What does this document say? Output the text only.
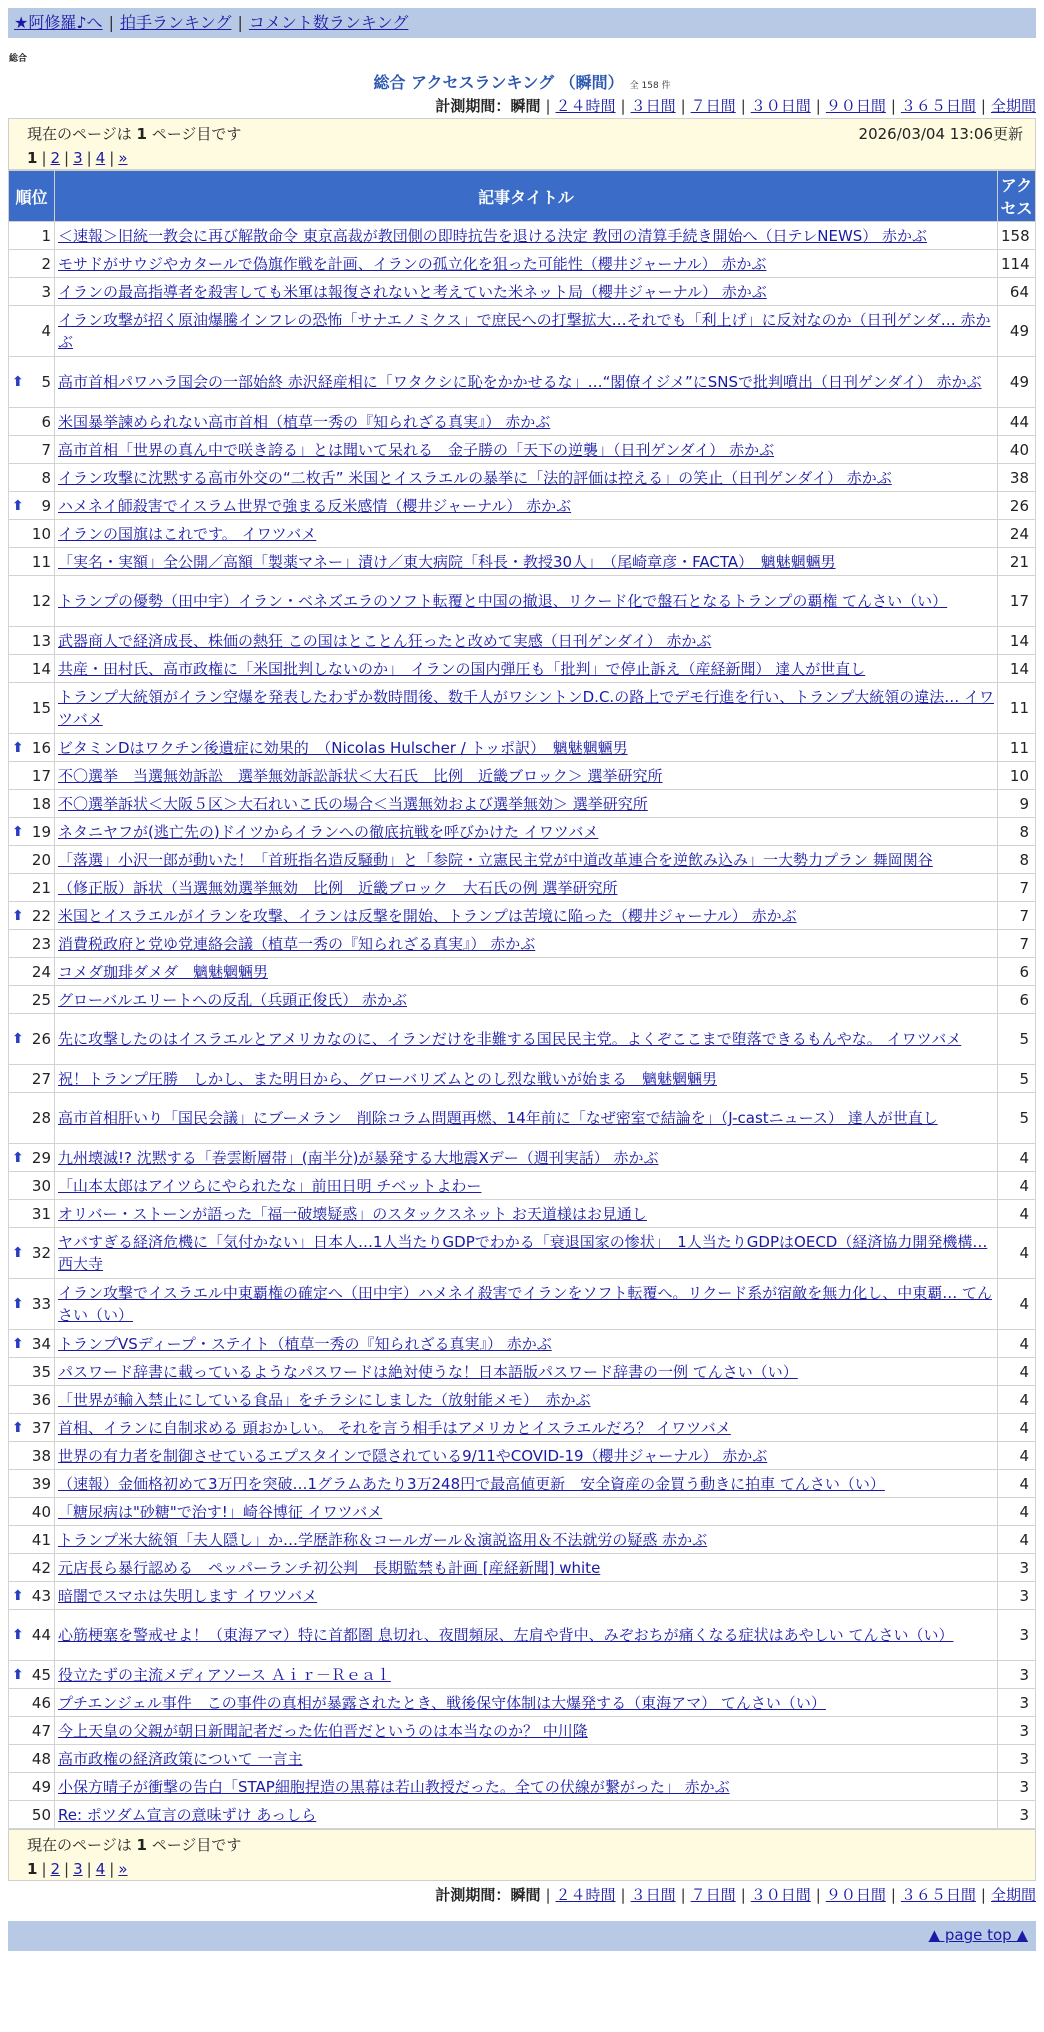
★阿修羅♪へ | 拍手ランキング | コメント数ランキング
総合
総合 アクセスランキング （瞬間） 全 158 件
計測期間：瞬間 | ２４時間 | ３日間 | ７日間 | ３０日間 | ９０日間 | ３６５日間 | 全期間
現在のページは 1 ページ目です	2026/03/04 13:06更新
1 | 2 | 3 | 4 | »
順位	記事タイトル	アクセス
1	＜速報＞旧統一教会に再び解散命令 東京高裁が教団側の即時抗告を退ける決定 教団の清算手続き開始へ（日テレNEWS） 赤かぶ	158
2	モサドがサウジやカタールで偽旗作戦を計画、イランの孤立化を狙った可能性（櫻井ジャーナル） 赤かぶ	114
3	イランの最高指導者を殺害しても米軍は報復されないと考えていた米ネット局（櫻井ジャーナル） 赤かぶ	64
4	イラン攻撃が招く原油爆騰インフレの恐怖「サナエノミクス」で庶民への打撃拡大…それでも「利上げ」に反対なのか（日刊ゲンダ… 赤かぶ	49

⬆ 5	高市首相パワハラ国会の一部始終 赤沢経産相に「ワタクシに恥をかかせるな」…“閣僚イジメ”にSNSで批判噴出（日刊ゲンダイ） 赤かぶ	49
6	米国暴挙諫められない高市首相（植草一秀の『知られざる真実』） 赤かぶ	44
7	高市首相「世界の真ん中で咲き誇る」とは聞いて呆れる　金子勝の「天下の逆襲」（日刊ゲンダイ） 赤かぶ	40
8	イラン攻撃に沈黙する高市外交の“二枚舌” 米国とイスラエルの暴挙に「法的評価は控える」の笑止（日刊ゲンダイ） 赤かぶ	38

⬆ 9	ハメネイ師殺害でイスラム世界で強まる反米感情（櫻井ジャーナル） 赤かぶ	26
10	イランの国旗はこれです。 イワツバメ	24
11	「実名・実額」全公開／高額「製薬マネー」漬け／東大病院「科長・教授30人」　（尾崎章彦・FACTA）　魑魅魍魎男	21
12	トランプの優勢（田中宇）イラン・ベネズエラのソフト転覆と中国の撤退、リクード化で盤石となるトランプの覇権 てんさい（い）	17
13	武器商人で経済成長、株価の熱狂 この国はとことん狂ったと改めて実感（日刊ゲンダイ） 赤かぶ	14
14	共産・田村氏、高市政権に「米国批判しないのか」　イランの国内弾圧も「批判」で停止訴え（産経新聞） 達人が世直し	14
15	トランプ大統領がイラン空爆を発表したわずか数時間後、数千人がワシントンD.C.の路上でデモ行進を行い、トランプ大統領の違法… イワツバメ	11

⬆ 16	ビタミンDはワクチン後遺症に効果的　（Nicolas Hulscher / トッポ訳）　魑魅魍魎男	11
17	不〇選挙　当選無効訴訟　選挙無効訴訟訴状＜大石氏　比例　近畿ブロック＞ 選挙研究所	10
18	不〇選挙訴状＜大阪５区＞大石れいこ氏の場合＜当選無効および選挙無効＞ 選挙研究所	9

⬆ 19	ネタニヤフが(逃亡先の)ドイツからイランへの徹底抗戦を呼びかけた イワツバメ	8
20	「落選」小沢一郎が動いた！「首班指名造反騒動」と「参院・立憲民主党が中道改革連合を逆飲み込み」一大勢力プラン 舞岡関谷	8
21	（修正版）訴状（当選無効選挙無効　比例　近畿ブロック　大石氏の例 選挙研究所	7

⬆ 22	米国とイスラエルがイランを攻撃、イランは反撃を開始、トランプは苦境に陥った（櫻井ジャーナル） 赤かぶ	7
23	消費税政府と党ゆ党連絡会議（植草一秀の『知られざる真実』） 赤かぶ	7
24	コメダ珈琲ダメダ　魑魅魍魎男	6
25	グローバルエリートへの反乱（兵頭正俊氏） 赤かぶ	6

⬆ 26	先に攻撃したのはイスラエルとアメリカなのに、イランだけを非難する国民民主党。よくぞここまで堕落できるもんやな。 イワツバメ	5
27	祝！トランプ圧勝　しかし、また明日から、グローバリズムとのし烈な戦いが始まる　魑魅魍魎男	5
28	高市首相肝いり「国民会議」にブーメラン　削除コラム問題再燃、14年前に「なぜ密室で結論を」（J-castニュース） 達人が世直し	5

⬆ 29	九州壊滅!? 沈黙する「巻雲断層帯」(南半分)が暴発する大地震Xデー（週刊実話） 赤かぶ	4
30	「山本太郎はアイツらにやられたな」前田日明 チベットよわー	4
31	オリバー・ストーンが語った「福一破壊疑惑」のスタックスネット お天道様はお見通し	4

⬆ 32	ヤバすぎる経済危機に「気付かない」日本人…1人当たりGDPでわかる「衰退国家の惨状」　1人当たりGDPはOECD（経済協力開発機構… 西大寺	4

⬆ 33	イラン攻撃でイスラエル中東覇権の確定へ（田中宇）ハメネイ殺害でイランをソフト転覆へ。リクード系が宿敵を無力化し、中東覇… てんさい（い）	4

⬆ 34	トランプVSディープ・ステイト（植草一秀の『知られざる真実』） 赤かぶ	4
35	パスワード辞書に載っているようなパスワードは絶対使うな！日本語版パスワード辞書の一例 てんさい（い）	4
36	「世界が輸入禁止にしている食品」をチラシにしました（放射能メモ）　赤かぶ	4

⬆ 37	首相、イランに自制求める 頭おかしい。 それを言う相手はアメリカとイスラエルだろ？ イワツバメ	4
38	世界の有力者を制御させているエプスタインで隠されている9/11やCOVID-19（櫻井ジャーナル） 赤かぶ	4
39	（速報）金価格初めて3万円を突破…1グラムあたり3万248円で最高値更新　安全資産の金買う動きに拍車 てんさい（い）	4
40	「糖尿病は"砂糖"で治す!」崎谷博征 イワツバメ	4
41	トランプ米大統領「夫人隠し」か…学歴詐称＆コールガール＆演説盗用＆不法就労の疑惑 赤かぶ	4
42	元店長ら暴行認める　ペッパーランチ初公判　長期監禁も計画 [産経新聞] white	3

⬆ 43	暗闇でスマホは失明します イワツバメ	3

⬆ 44	心筋梗塞を警戒せよ！（東海アマ）特に首都圏 息切れ、夜間頻尿、左肩や背中、みぞおちが痛くなる症状はあやしい てんさい（い）	3

⬆ 45	役立たずの主流メディアソース Ａｉｒ－Ｒｅａｌ	3
46	プチエンジェル事件　この事件の真相が暴露されたとき、戦後保守体制は大爆発する（東海アマ） てんさい（い）	3
47	今上天皇の父親が朝日新聞記者だった佐伯晋だというのは本当なのか？ 中川隆	3
48	高市政権の経済政策について 一言主	3
49	小保方晴子が衝撃の告白「STAP細胞捏造の黒幕は若山教授だった。全ての伏線が繋がった」 赤かぶ	3
50	Re: ポツダム宣言の意味ずけ あっしら	3
現在のページは 1 ページ目です
1 | 2 | 3 | 4 | »
計測期間：瞬間 | ２４時間 | ３日間 | ７日間 | ３０日間 | ９０日間 | ３６５日間 | 全期間
▲ page top ▲
